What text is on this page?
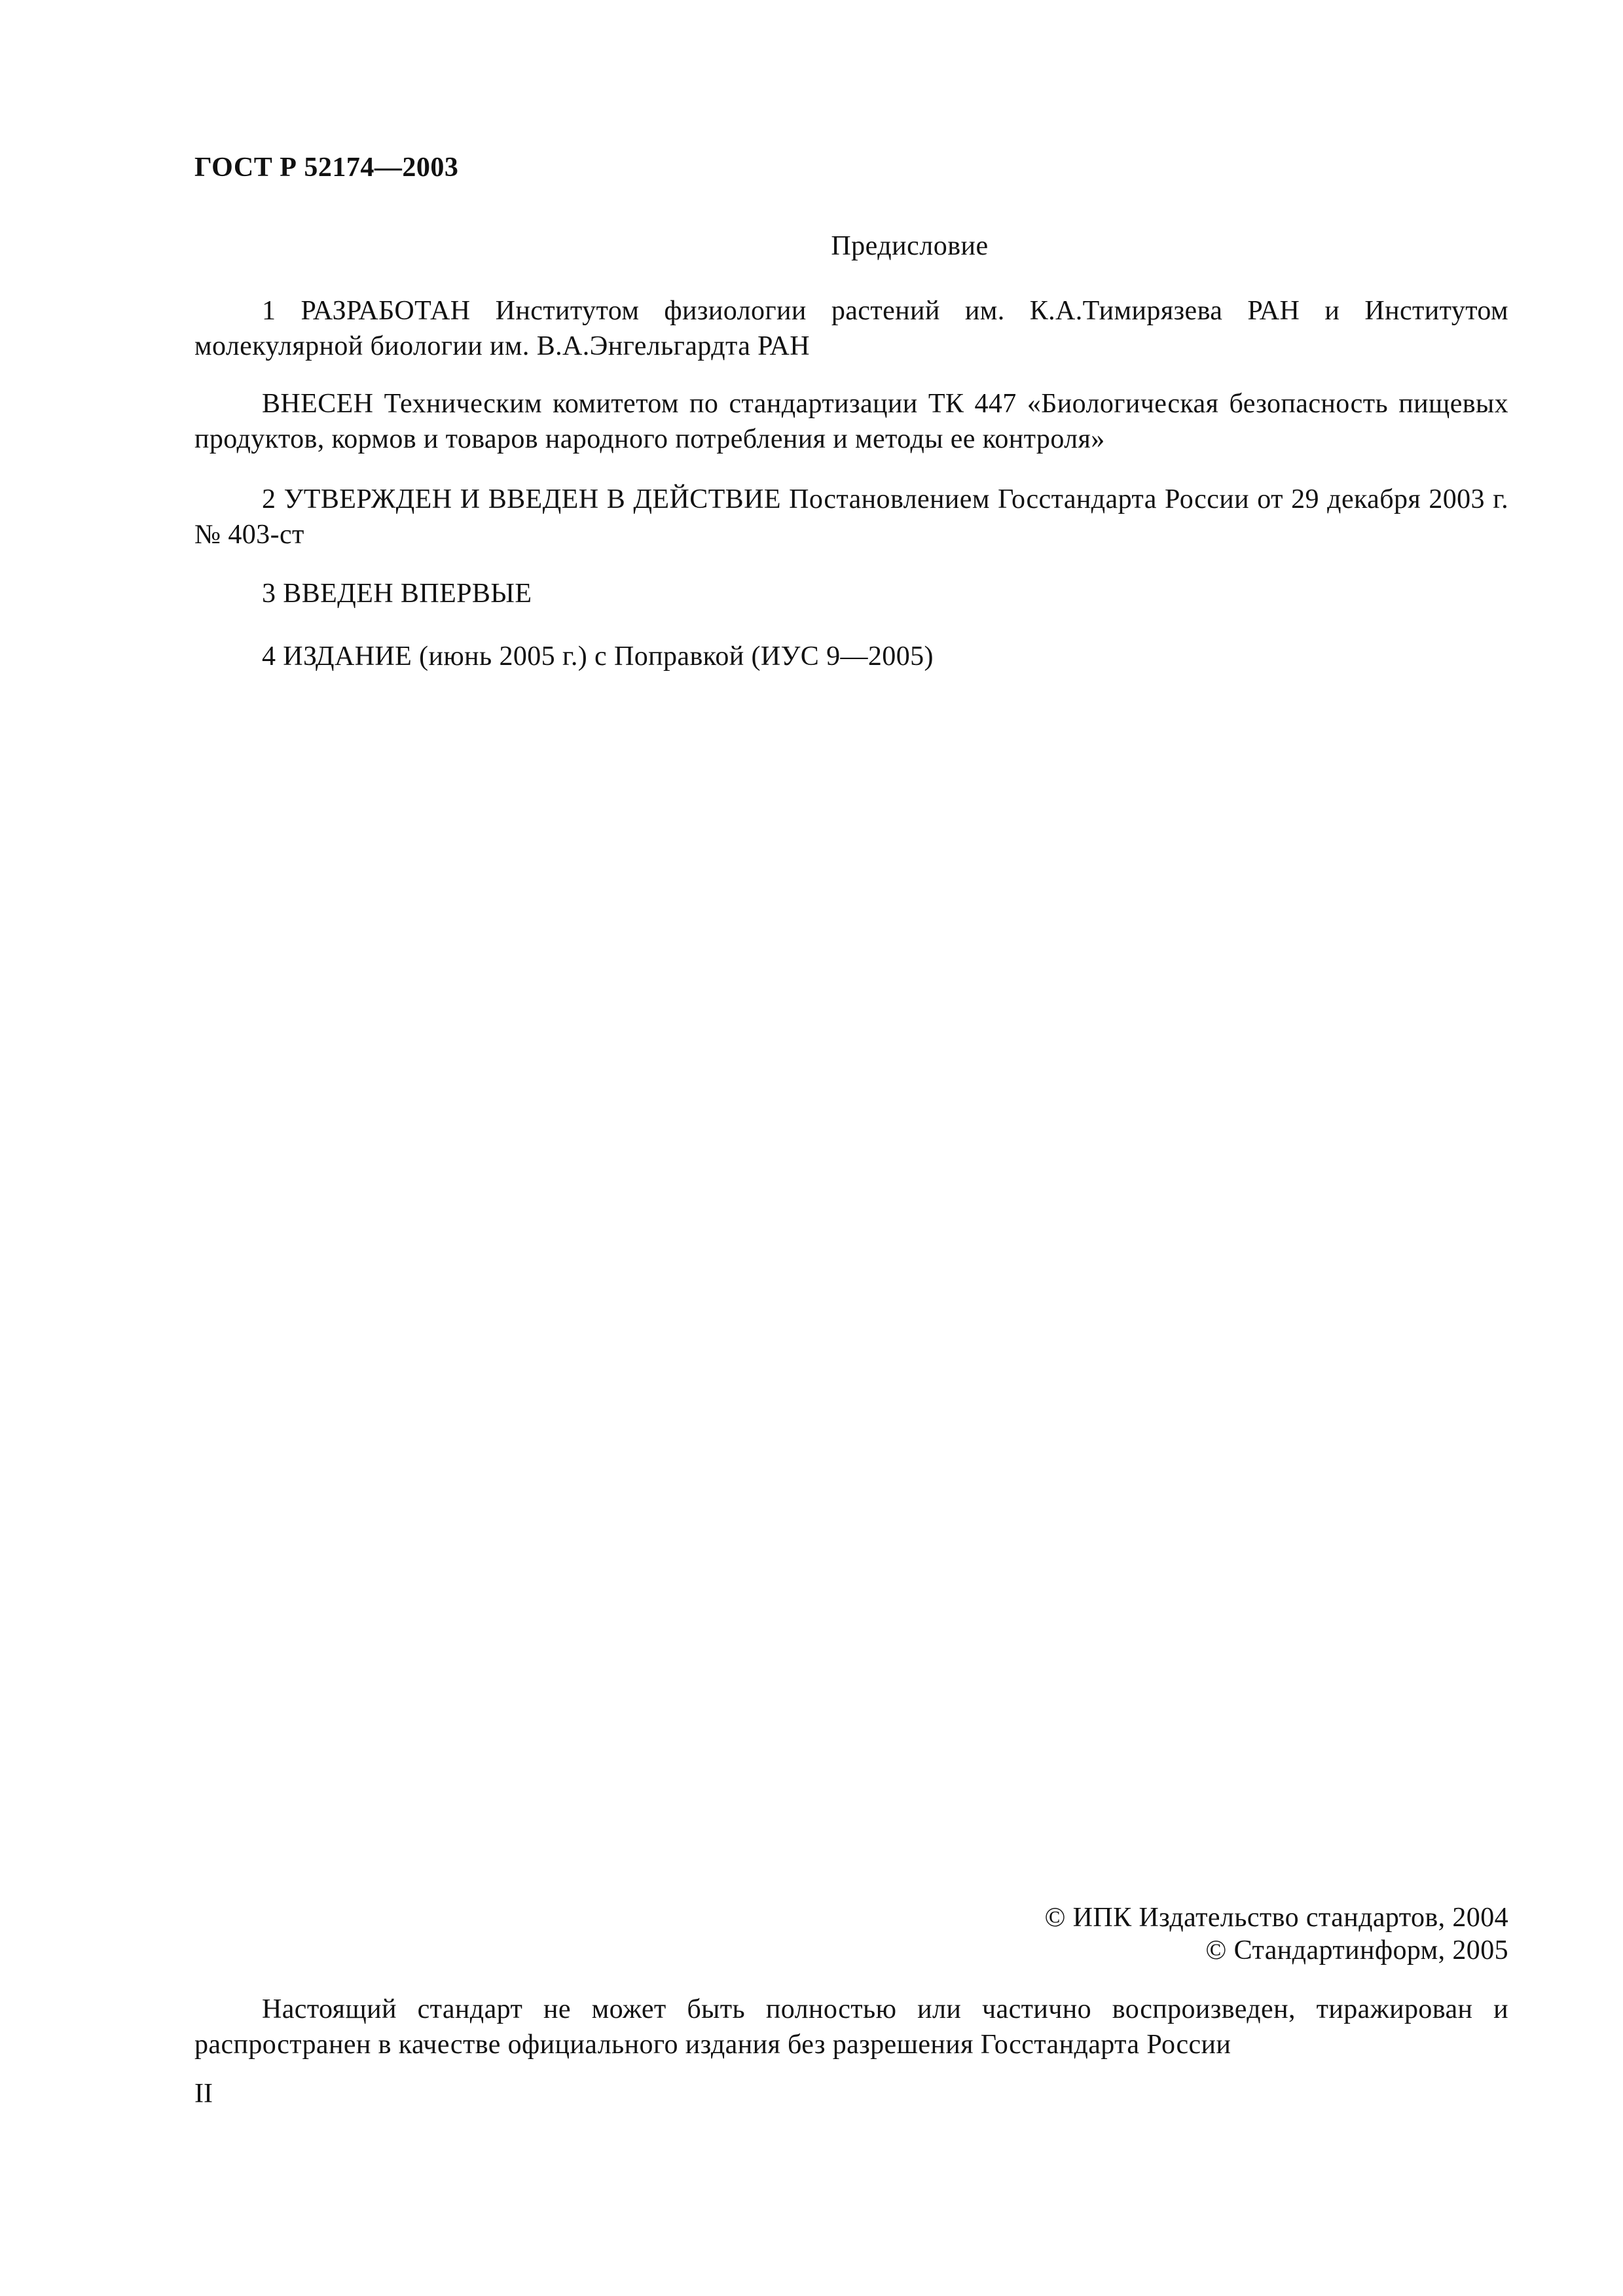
ГОСТ Р 52174—2003
Предисловие
1 РАЗРАБОТАН Институтом физиологии растений им. К.А.Тимирязева РАН и Институтом молекулярной биологии им. В.А.Энгельгардта РАН
ВНЕСЕН Техническим комитетом по стандартизации ТК 447 «Биологическая безопасность пищевых продуктов, кормов и товаров народного потребления и методы ее контроля»
2 УТВЕРЖДЕН И ВВЕДЕН В ДЕЙСТВИЕ Постановлением Госстандарта России от 29 декабря 2003 г. № 403-ст
3 ВВЕДЕН ВПЕРВЫЕ
4 ИЗДАНИЕ (июнь 2005 г.) с Поправкой (ИУС 9—2005)
© ИПК Издательство стандартов, 2004
© Стандартинформ, 2005
Настоящий стандарт не может быть полностью или частично воспроизведен, тиражирован и распространен в качестве официального издания без разрешения Госстандарта России
II
